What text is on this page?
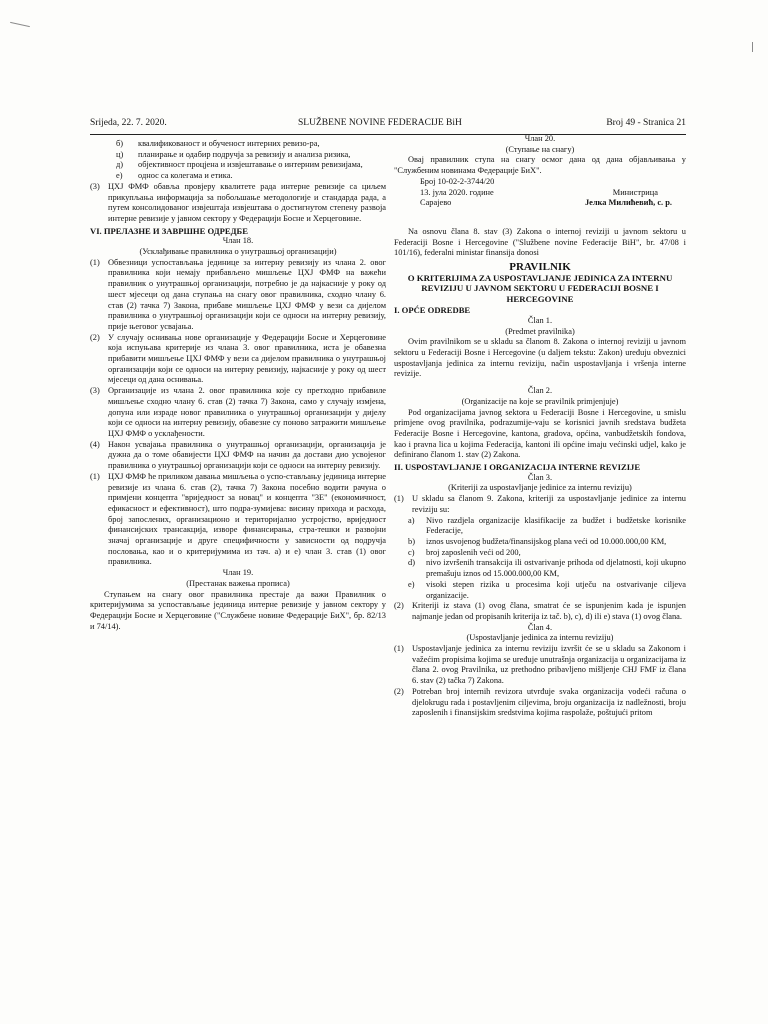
Srijeda, 22. 7. 2020.	SLUŽBENE NOVINE FEDERACIJE BiH	Broj 49 - Stranica 21
б)	квалификованост и обученост интерних ревизо-ра,
ц)	планирање и одабир подручја за ревизију и анализа ризика,
д)	објективност процјена и извјештавање о интерним ревизијама,
е)	однос са колегама и етика.
(3) ЦХЈ ФМФ обавља провјеру квалитете рада интерне ревизије са циљем прикупљања информација за побољшање методологије и стандарда рада, а путем консолидованог извјештаја извјештава о достигнутом степену развоја интерне ревизије у јавном сектору у Федерацији Босне и Херцеговине.
VI. ПРЕЛАЗНЕ И ЗАВРШНЕ ОДРЕДБЕ
Члан 18.
(Усклађивање правилника о унутрашњој организацији)
(1) Обвезници успостављања јединице за интерну ревизију из члана 2. овог правилника који немају прибављено мишљење ЦХЈ ФМФ на важећи правилник о унутрашњој организацији, потребно је да најкасније у року од шест мјесеци од дана ступања на снагу овог правилника, сходно члану 6. став (2) тачка 7) Закона, прибаве мишљење ЦХЈ ФМФ у вези са дијелом правилника о унутрашњој организацији који се односи на интерну ревизију, прије његовог усвајања.
(2) У случају оснивања нове организације у Федерацији Босне и Херцеговине која испуњава критерије из члана 3. овог правилника, иста је обавезна прибавити мишљење ЦХЈ ФМФ у вези са дијелом правилника о унутрашњој организацији који се односи на интерну ревизију, најкасније у року од шест мјесеци од дана оснивања.
(3) Организације из члана 2. овог правилника које су претходно прибавиле мишљење сходно члану 6. став (2) тачка 7) Закона, само у случају измјена, допуна или израде новог правилника о унутрашњој организацији у дијелу који се односи на интерну ревизију, обавезне су поново затражити мишљење ЦХЈ ФМФ о усклађености.
(4) Након усвајања правилника о унутрашњој организацији, организација је дужна да о томе обавијести ЦХЈ ФМФ на начин да достави дио усвојеног правилника о унутрашњој организацији који се односи на интерну ревизију.
(1) ЦХЈ ФМФ ће приликом давања мишљења о успо-стављању јединица интерне ревизије из члана 6. став (2), тачка 7) Закона посебно водити рачуна о примјени концепта "вриједност за новац" и концепта "3Е" (економичност, ефикасност и ефективност), што подра-зумијева: висину прихода и расхода, број запослених, организационо и територијално устројство, вриједност финансијских трансакција, изворе финансирања, стра-тешки и развојни значај организације и друге специфичности у зависности од подручја пословања, као и о критеријумима из тач. а) и е) члан 3. став (1) овог правилника.
Члан 19.
(Престанак важења прописа)

Ступањем на снагу овог правилника престаје да важи Правилник о критеријумима за успостављање јединица интерне ревизије у јавном сектору у Федерацији Босне и Херцеговине ("Службене новине Федерације БиХ", бр. 82/13 и 74/14).

Члан 20.
(Ступање на снагу)

Овај правилник ступа на снагу осмог дана од дана објављивања у "Службеним новинама Федерације БиХ".

Број 10-02-2-3744/20
13. јула 2020. године	Министрица
Сарајево	Јелка Милићевић, с. р.

Na osnovu člana 8. stav (3) Zakona o internoj reviziji u javnom sektoru u Federaciji Bosne i Hercegovine ("Službene novine Federacije BiH", br. 47/08 i 101/16), federalni ministar finansija donosi

PRAVILNIK
O KRITERIJIMA ZA USPOSTAVLJANJE JEDINICA ZA INTERNU REVIZIJU U JAVNOM SEKTORU U FEDERACIJI BOSNE I HERCEGOVINE
I. OPĆE ODREDBE
Član 1.
(Predmet pravilnika)

Ovim pravilnikom se u skladu sa članom 8. Zakona o internoj reviziji u javnom sektoru u Federaciji Bosne i Hercegovine (u daljem tekstu: Zakon) uređuju obveznici uspostavljanja jedinica za internu reviziju, način uspostavljanja i vršenja interne revizije.

Član 2.
(Organizacije na koje se pravilnik primjenjuje)

Pod organizacijama javnog sektora u Federaciji Bosne i Hercegovine, u smislu primjene ovog pravilnika, podrazumije-vaju se korisnici javnih sredstava budžeta Federacije Bosne i Hercegovine, kantona, gradova, općina, vanbudžetskih fondova, kao i pravna lica u kojima Federacija, kantoni ili općine imaju većinski udjel, kako je definirano članom 1. stav (2) Zakona.

II. USPOSTAVLJANJE I ORGANIZACIJA INTERNE REVIZIJE
Član 3.
(Kriteriji za uspostavljanje jedinice za internu reviziju)
(1) U skladu sa članom 9. Zakona, kriteriji za uspostavljanje jedinice za internu reviziju su:
a)	Nivo razdjela organizacije klasifikacije za budžet i budžetske korisnike Federacije,
b)	iznos usvojenog budžeta/finansijskog plana veći od 10.000.000,00 KM,
c)	broj zaposlenih veći od 200,
d)	nivo izvršenih transakcija ili ostvarivanje prihoda od djelatnosti, koji ukupno premašuju iznos od 15.000.000,00 KM,
e)	visoki stepen rizika u procesima koji utječu na ostvarivanje ciljeva organizacije.
(2) Kriteriji iz stava (1) ovog člana, smatrat će se ispunjenim kada je ispunjen najmanje jedan od propisanih kriterija iz tač. b), c), d) ili e) stava (1) ovog člana.
Član 4.
(Uspostavljanje jedinica za internu reviziju)
(1) Uspostavljanje jedinica za internu reviziju izvršit će se u skladu sa Zakonom i važećim propisima kojima se uređuje unutrašnja organizacija u organizacijama iz člana 2. ovog Pravilnika, uz prethodno pribavljeno mišljenje CHJ FMF iz člana 6. stav (2) tačka 7) Zakona.
(2) Potreban broj internih revizora utvrđuje svaka organizacija vodeći računa o djelokrugu rada i postavljenim ciljevima, broju organizacija iz nadležnosti, broju zaposlenih i finansijskim sredstvima kojima raspolaže, poštujući pritom
